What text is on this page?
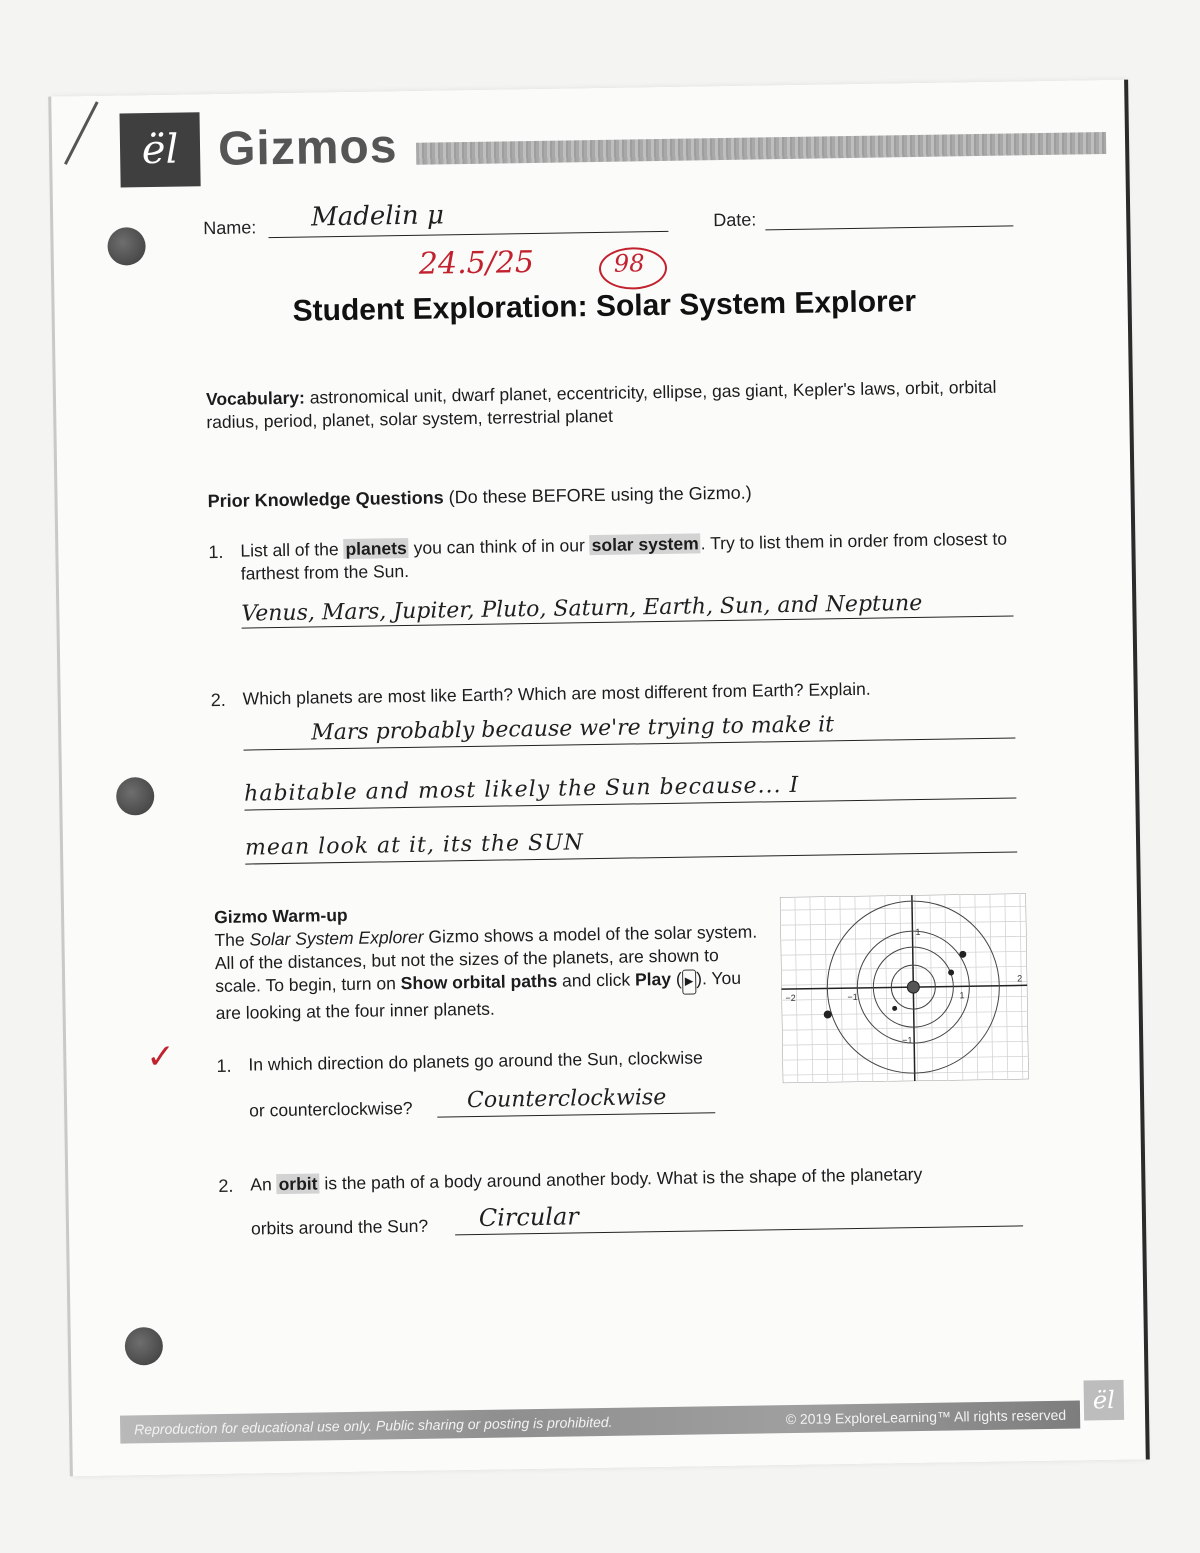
ël Gizmos
Name: Madelin μ	Date:
24.5/25	98
Student Exploration: Solar System Explorer
Vocabulary: astronomical unit, dwarf planet, eccentricity, ellipse, gas giant, Kepler's laws, orbit, orbital radius, period, planet, solar system, terrestrial planet
Prior Knowledge Questions (Do these BEFORE using the Gizmo.)
1. List all of the planets you can think of in our solar system. Try to list them in order from closest to farthest from the Sun.
Venus, Mars, Jupiter, Pluto, Saturn, Earth, Sun, and Neptune
2. Which planets are most like Earth? Which are most different from Earth? Explain.
Mars probably because we're trying to make it
habitable and most likely the Sun because... I
mean look at it, its the SUN
Gizmo Warm-up
The Solar System Explorer Gizmo shows a model of the solar system. All of the distances, but not the sizes of the planets, are shown to scale. To begin, turn on Show orbital paths and click Play ( ▶ ). You are looking at the four inner planets.
−2	−1	1
2
1
−1
✓ 1. In which direction do planets go around the Sun, clockwise
or counterclockwise? Counterclockwise
2. An orbit is the path of a body around another body. What is the shape of the planetary
orbits around the Sun? Circular
Reproduction for educational use only. Public sharing or posting is prohibited.	© 2019 ExploreLearning™ All rights reserved
ël
